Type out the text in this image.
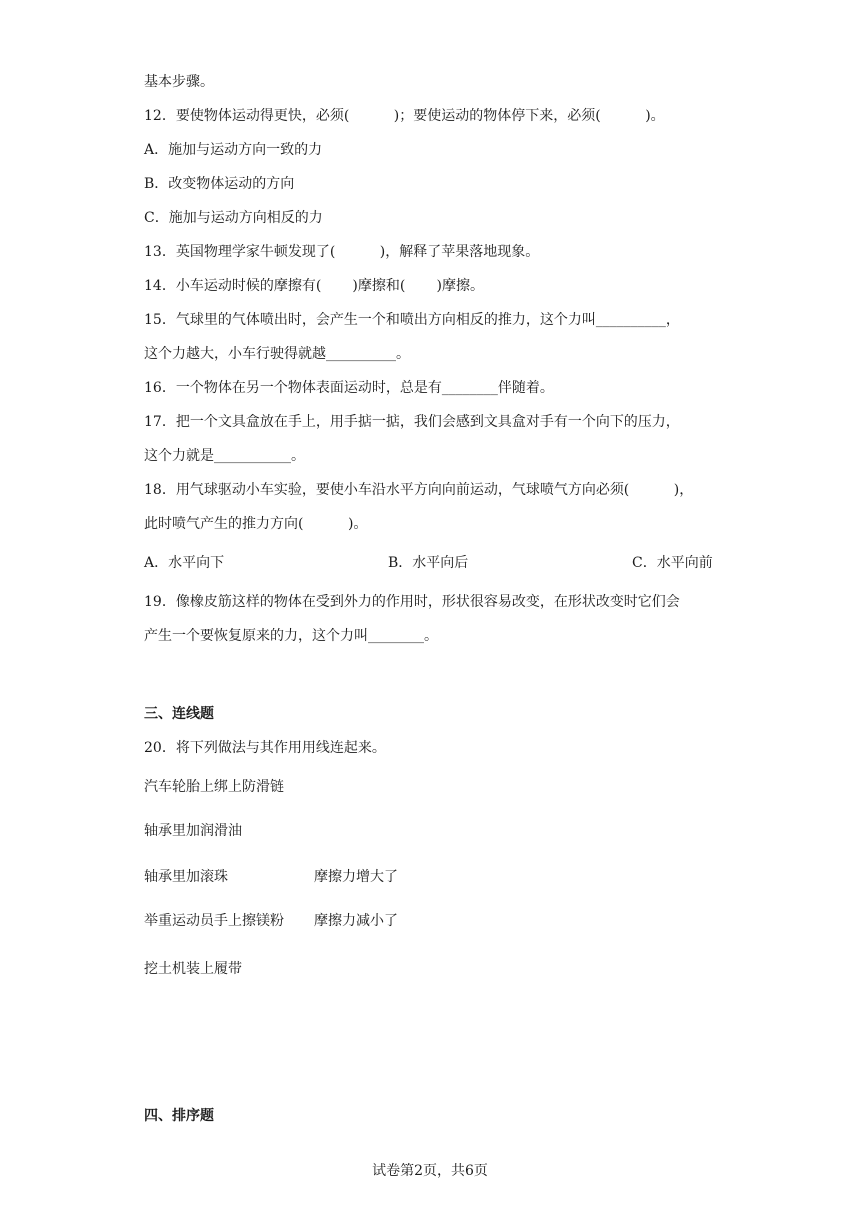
基本步骤。
12．要使物体运动得更快，必须(          )；要使运动的物体停下来，必须(          )。
A．施加与运动方向一致的力
B．改变物体运动的方向
C．施加与运动方向相反的力
13．英国物理学家牛顿发现了(          )，解释了苹果落地现象。
14．小车运动时候的摩擦有(       )摩擦和(       )摩擦。
15．气球里的气体喷出时，会产生一个和喷出方向相反的推力，这个力叫__________，
这个力越大，小车行驶得就越__________。
16．一个物体在另一个物体表面运动时，总是有________伴随着。
17．把一个文具盒放在手上，用手掂一掂，我们会感到文具盒对手有一个向下的压力，
这个力就是___________。
18．用气球驱动小车实验，要使小车沿水平方向向前运动，气球喷气方向必须(          )，
此时喷气产生的推力方向(          )。
A．水平向下	B．水平向后	C．水平向前
19．像橡皮筋这样的物体在受到外力的作用时，形状很容易改变，在形状改变时它们会
产生一个要恢复原来的力，这个力叫________。
三、连线题
20．将下列做法与其作用用线连起来。
汽车轮胎上绑上防滑链
轴承里加润滑油
轴承里加滚珠	摩擦力增大了
举重运动员手上擦镁粉 摩擦力减小了
挖土机装上履带
四、排序题
试卷第2页，共6页
